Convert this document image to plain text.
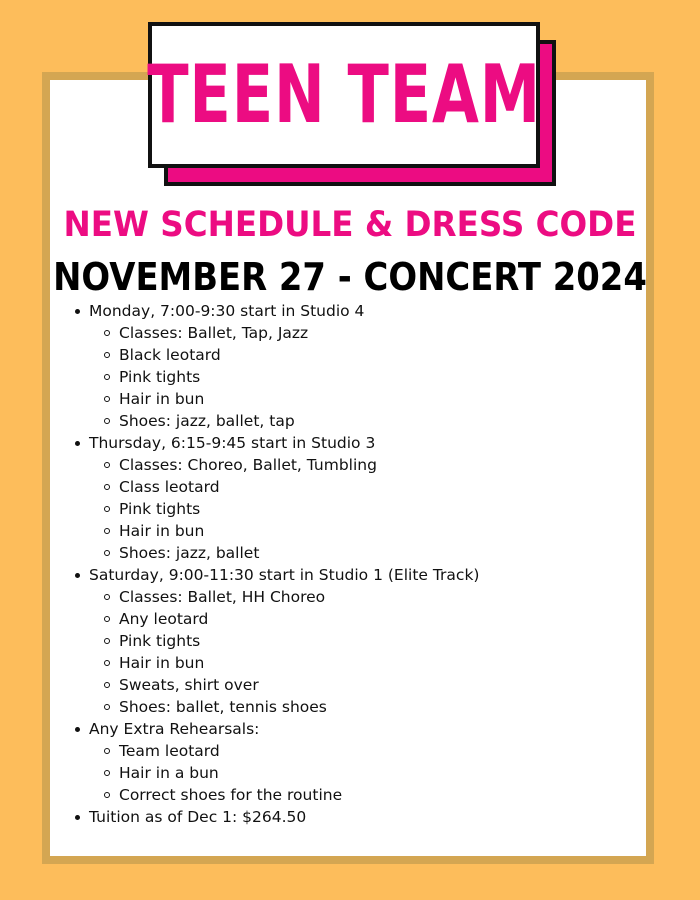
TEEN TEAM
NEW SCHEDULE & DRESS CODE
NOVEMBER 27 - CONCERT 2024
Monday, 7:00-9:30 start in Studio 4
Classes: Ballet, Tap, Jazz
Black leotard
Pink tights
Hair in bun
Shoes: jazz, ballet, tap
Thursday, 6:15-9:45 start in Studio 3
Classes: Choreo, Ballet, Tumbling
Class leotard
Pink tights
Hair in bun
Shoes: jazz, ballet
Saturday, 9:00-11:30 start in Studio 1 (Elite Track)
Classes: Ballet, HH Choreo
Any leotard
Pink tights
Hair in bun
Sweats, shirt over
Shoes: ballet, tennis shoes
Any Extra Rehearsals:
Team leotard
Hair in a bun
Correct shoes for the routine
Tuition as of Dec 1: $264.50
